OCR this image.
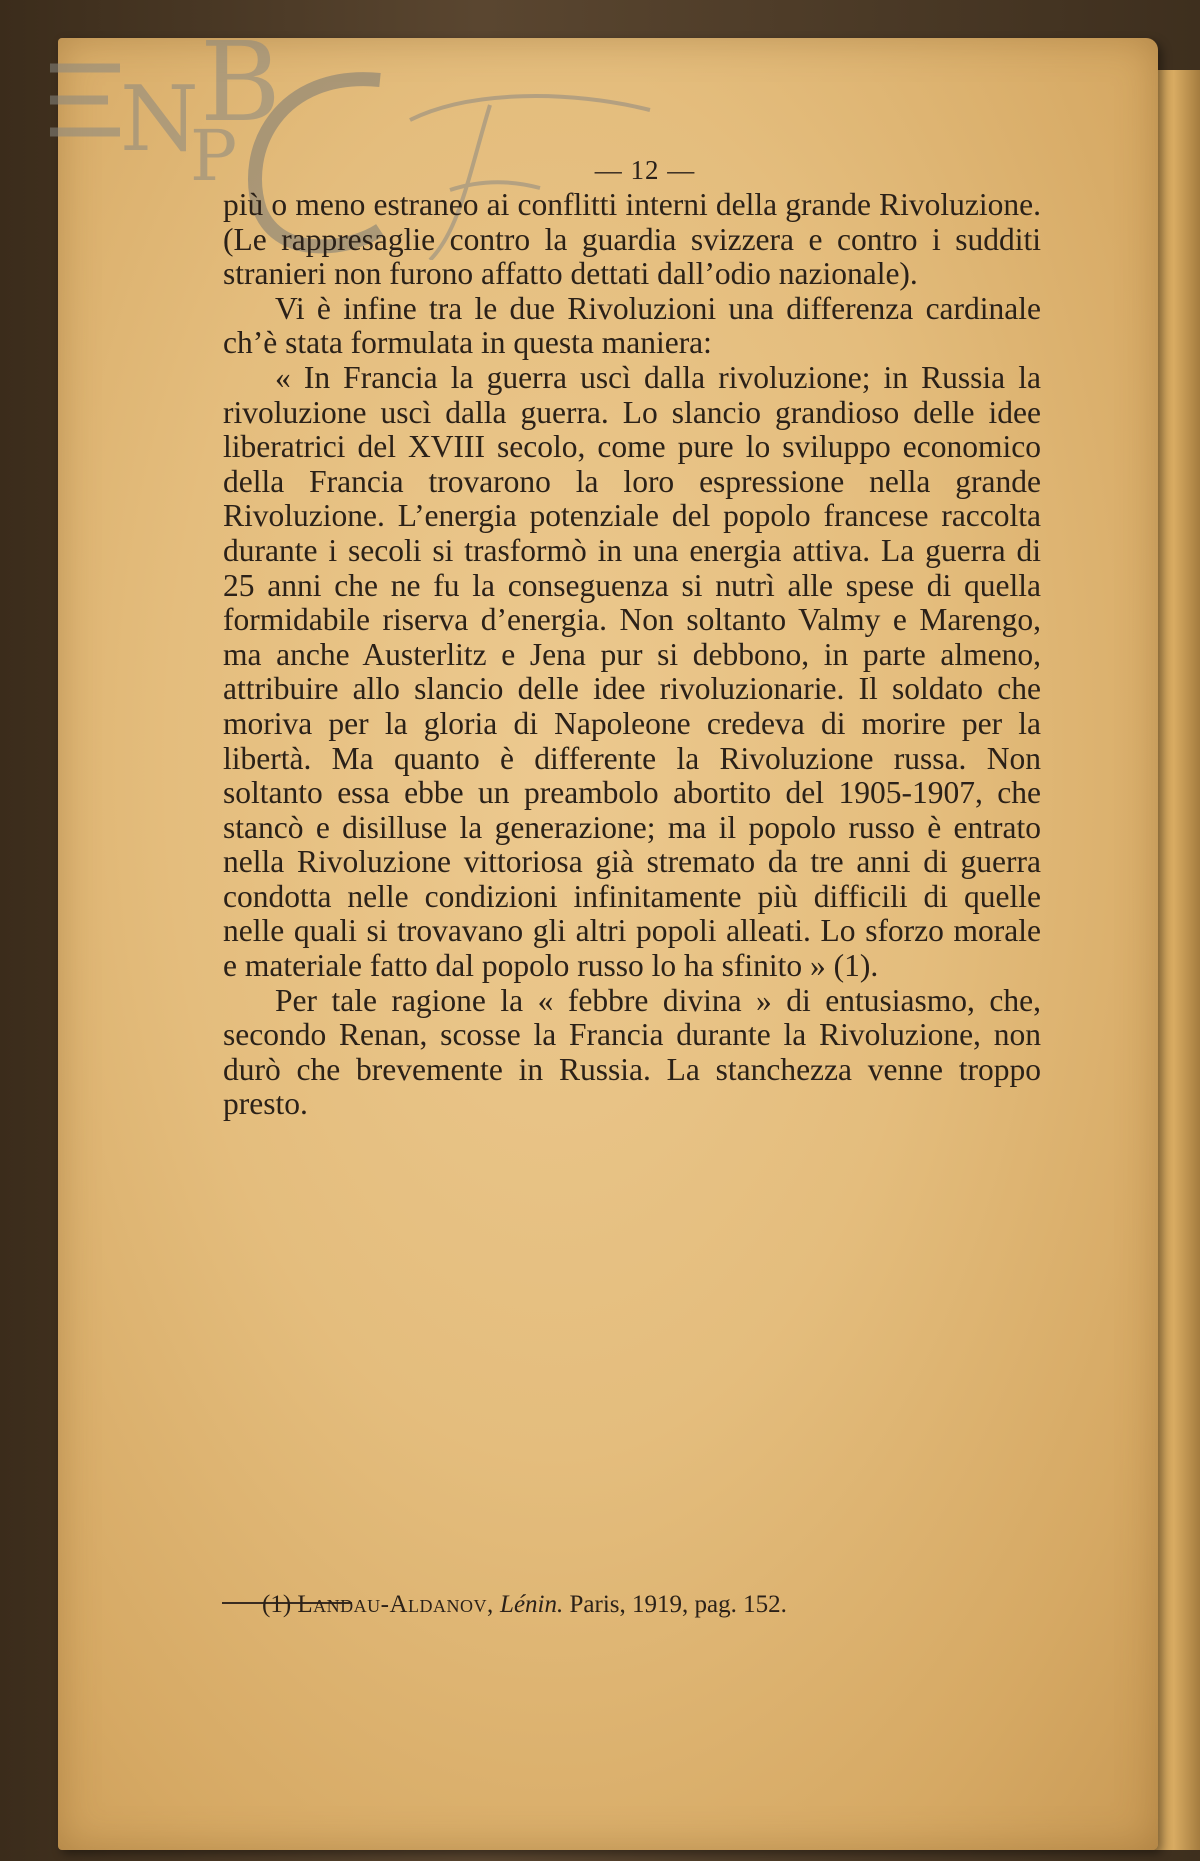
N B
P	— 12 —

più o meno estraneo ai conflitti interni della grande Rivoluzione. (Le rappresaglie contro la guardia svizzera e contro i sudditi stranieri non furono affatto dettati dall’odio nazionale).

Vi è infine tra le due Rivoluzioni una differenza cardinale ch’è stata formulata in questa maniera:

« In Francia la guerra uscì dalla rivoluzione; in Russia la rivoluzione uscì dalla guerra. Lo slancio grandioso delle idee liberatrici del XVIII secolo, come pure lo sviluppo economico della Francia trovarono la loro espressione nella grande Rivoluzione. L’energia potenziale del popolo francese raccolta durante i secoli si trasformò in una energia attiva. La guerra di 25 anni che ne fu la conseguenza si nutrì alle spese di quella formidabile riserva d’energia. Non soltanto Valmy e Marengo, ma anche Austerlitz e Jena pur si debbono, in parte almeno, attribuire allo slancio delle idee rivoluzionarie. Il soldato che moriva per la gloria di Napoleone credeva di morire per la libertà. Ma quanto è differente la Rivoluzione russa. Non soltanto essa ebbe un preambolo abortito del 1905-1907, che stancò e disilluse la generazione; ma il popolo russo è entrato nella Rivoluzione vittoriosa già stremato da tre anni di guerra condotta nelle condizioni infinitamente più difficili di quelle nelle quali si trovavano gli altri popoli alleati. Lo sforzo morale e materiale fatto dal popolo russo lo ha sfinito » (1).

Per tale ragione la « febbre divina » di entusiasmo, che, secondo Renan, scosse la Francia durante la Rivoluzione, non durò che brevemente in Russia. La stanchezza venne troppo presto.

(1) Landau-Aldanov, Lénin. Paris, 1919, pag. 152.
